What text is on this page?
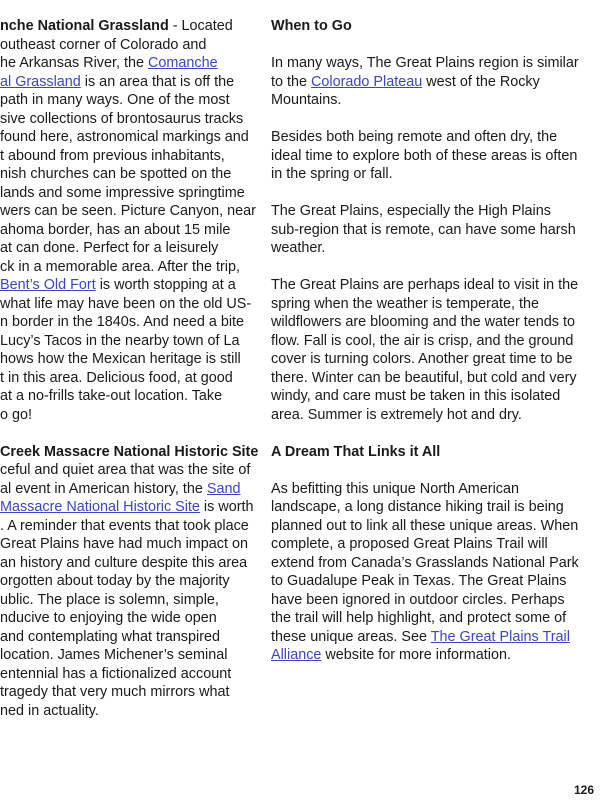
nche National Grassland - Located
outheast corner of Colorado and
he Arkansas River, the Comanche
al Grassland is an area that is off the
path in many ways. One of the most
sive collections of brontosaurus tracks
found here, astronomical markings and
t abound from previous inhabitants,
nish churches can be spotted on the
lands and some impressive springtime
wers can be seen. Picture Canyon, near
ahoma border, has an about 15 mile
at can done. Perfect for a leisurely
ck in a memorable area. After the trip,
Bent’s Old Fort is worth stopping at a
what life may have been on the old US-
n border in the 1840s. And need a bite
Lucy’s Tacos in the nearby town of La
hows how the Mexican heritage is still
t in this area. Delicious food, at good
at a no-frills take-out location. Take
o go!
Creek Massacre National Historic Site
ceful and quiet area that was the site of
al event in American history, the Sand
Massacre National Historic Site is worth
. A reminder that events that took place
Great Plains have had much impact on
an history and culture despite this area
orgotten about today by the majority
ublic. The place is solemn, simple,
nducive to enjoying the wide open
and contemplating what transpired
location. James Michener’s seminal
entennial has a fictionalized account
tragedy that very much mirrors what
ned in actuality.
When to Go

In many ways, The Great Plains region is similar to the Colorado Plateau west of the Rocky Mountains.

Besides both being remote and often dry, the ideal time to explore both of these areas is often in the spring or fall.

The Great Plains, especially the High Plains sub-region that is remote, can have some harsh weather.

The Great Plains are perhaps ideal to visit in the spring when the weather is temperate, the wildflowers are blooming and the water tends to flow. Fall is cool, the air is crisp, and the ground cover is turning colors. Another great time to be there. Winter can be beautiful, but cold and very windy, and care must be taken in this isolated area. Summer is extremely hot and dry.

A Dream That Links it All

As befitting this unique North American landscape, a long distance hiking trail is being planned out to link all these unique areas. When complete, a proposed Great Plains Trail will extend from Canada’s Grasslands National Park to Guadalupe Peak in Texas. The Great Plains have been ignored in outdoor circles. Perhaps the trail will help highlight, and protect some of these unique areas. See The Great Plains Trail Alliance website for more information.

126
